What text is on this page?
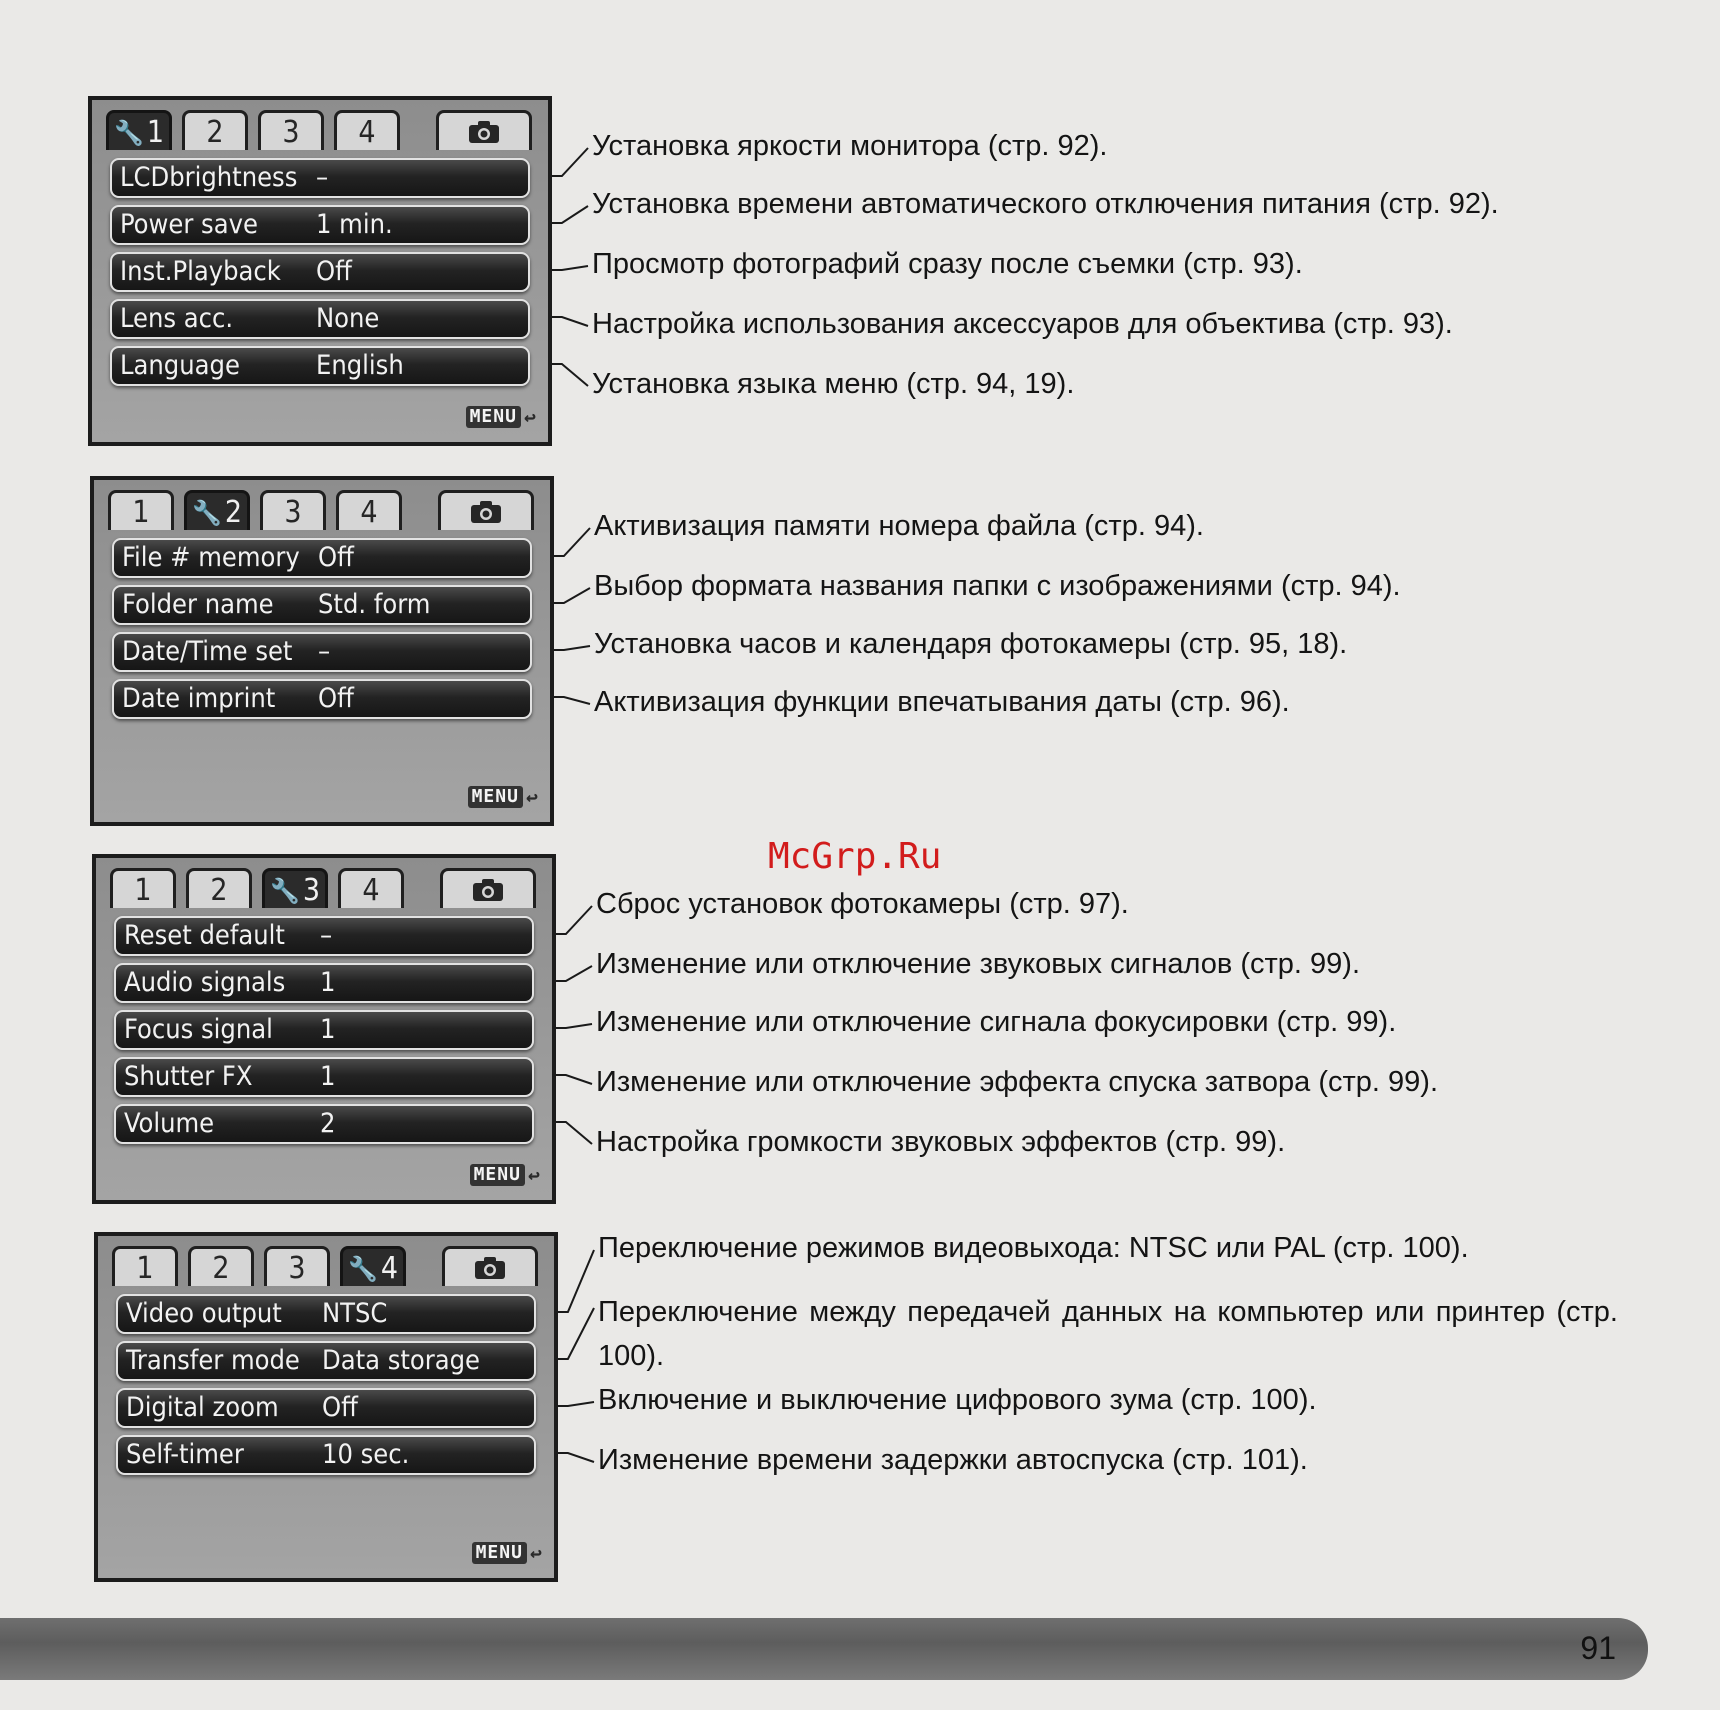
McGrp.Ru
91
🔧 1	2	3	4
LCDbrightness –
Power save 1 min.
Inst.Playback Off
Lens acc.	None
Language	English
MENU ↩
Установка яркости монитора (стр. 92).
Установка времени автоматического отключения питания (стр. 92).
Просмотр фотографий сразу после съемки (стр. 93).
Настройка использования аксессуаров для объектива (стр. 93).
Установка языка меню (стр. 94, 19).
1	🔧 2	3	4
File # memory Off
Folder name Std. form
Date/Time set –
Date imprint Off
MENU ↩
Активизация памяти номера файла (стр. 94).
Выбор формата названия папки с изображениями (стр. 94).
Установка часов и календаря фотокамеры (стр. 95, 18).
Активизация функции впечатывания даты (стр. 96).
1	2	🔧 3	4
Reset default –
Audio signals 1
Focus signal 1
Shutter FX 1
Volume	2
MENU ↩
Сброс установок фотокамеры (стр. 97).
Изменение или отключение звуковых сигналов (стр. 99).
Изменение или отключение сигнала фокусировки (стр. 99).
Изменение или отключение эффекта спуска затвора (стр. 99).
Настройка громкости звуковых эффектов (стр. 99).
1	2	3	🔧 4
Video output NTSC
Transfer mode Data storage
Digital zoom Off
Self-timer	10 sec.
MENU ↩
Переключение режимов видеовыхода: NTSC или PAL (стр. 100).
Переключение между передачей данных на компьютер или принтер (стр. 100).
Включение и выключение цифрового зума (стр. 100).
Изменение времени задержки автоспуска (стр. 101).
